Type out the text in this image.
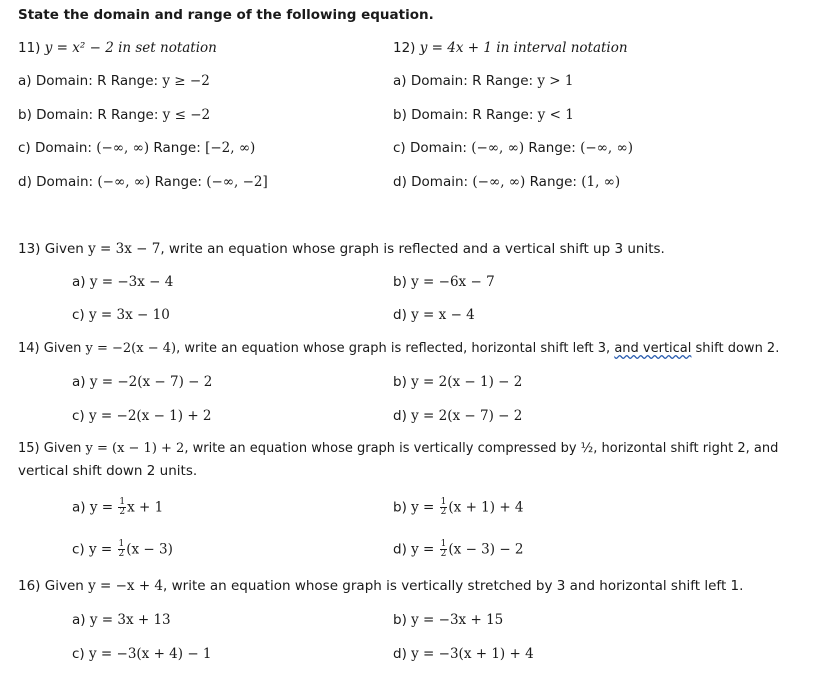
State the domain and range of the following equation.
11) y = x² − 2 in set notation
a) Domain: R Range: y ≥ −2
b) Domain: R Range: y ≤ −2
c) Domain: (−∞, ∞) Range: [−2, ∞)
d) Domain: (−∞, ∞) Range: (−∞, −2]
12) y = 4x + 1 in interval notation
a) Domain: R Range: y > 1
b) Domain: R Range: y < 1
c) Domain: (−∞, ∞) Range: (−∞, ∞)
d) Domain: (−∞, ∞) Range: (1, ∞)
13) Given y = 3x − 7, write an equation whose graph is reflected and a vertical shift up 3 units.
a) y = −3x − 4	b) y = −6x − 7
c) y = 3x − 10	d) y = x − 4
14) Given y = −2(x − 4), write an equation whose graph is reflected, horizontal shift left 3, and vertical shift down 2.
a) y = −2(x − 7) − 2	b) y = 2(x − 1) − 2
c) y = −2(x − 1) + 2	d) y = 2(x − 7) − 2
15) Given y = (x − 1) + 2, write an equation whose graph is vertically compressed by ½, horizontal shift right 2, and
vertical shift down 2 units.
a) $y = \frac{1}{2}$ x + 1	b) $y = \frac{1}{2} (x + 1) + 4$
c) $y = \frac{1}{2} (x - 3)$	d) $y = \frac{1}{2} (x - 3) - 2$
16) Given y = −x + 4, write an equation whose graph is vertically stretched by 3 and horizontal shift left 1.
a) y = 3x + 13	b) y = −3x + 15
c) y = −3(x + 4) − 1	d) y = −3(x + 1) + 4
